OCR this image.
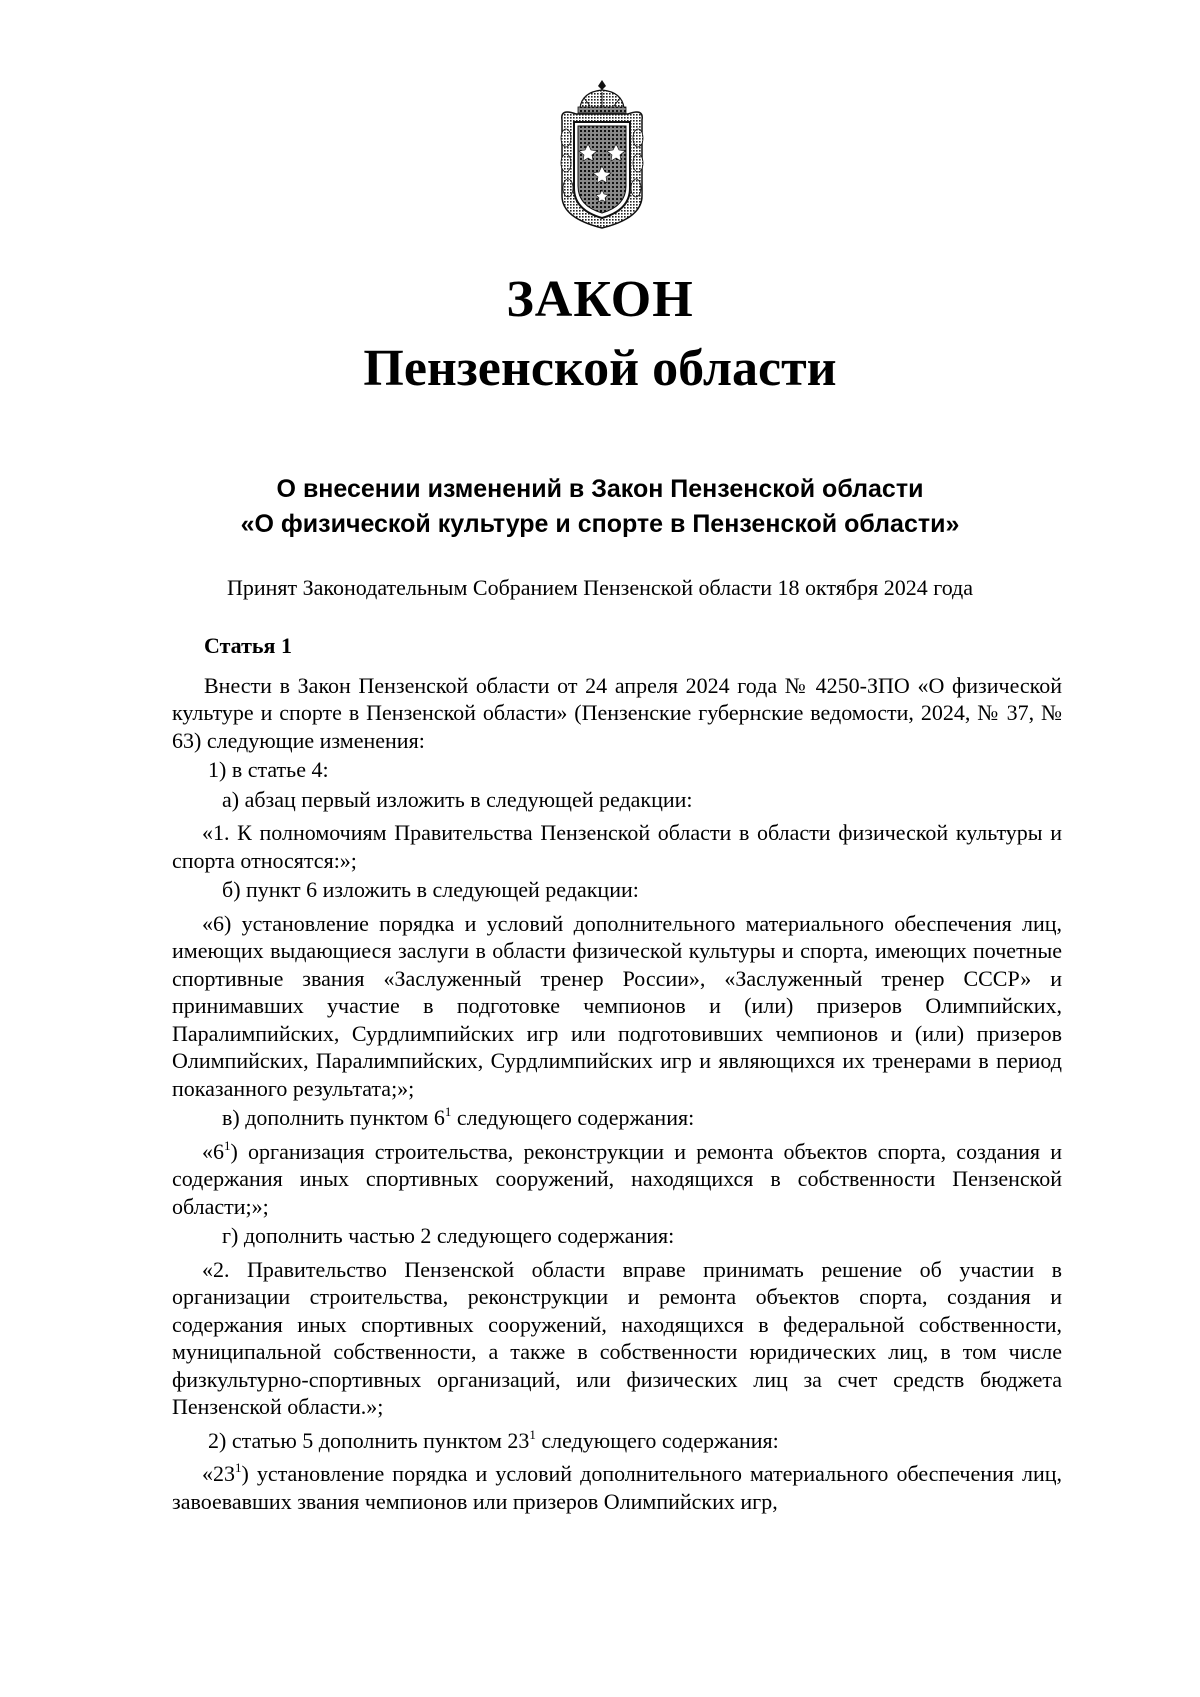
ЗАКОН
Пензенской области
О внесении изменений в Закон Пензенской области
«О физической культуре и спорте в Пензенской области»
Принят Законодательным Собранием Пензенской области 18 октября 2024 года
Статья 1

Внести в Закон Пензенской области от 24 апреля 2024 года № 4250-ЗПО «О физической культуре и спорте в Пензенской области» (Пензенские губернские ведомости, 2024, № 37, № 63) следующие изменения:

1) в статье 4:

а) абзац первый изложить в следующей редакции:

«1. К полномочиям Правительства Пензенской области в области физической культуры и спорта относятся:»;

б) пункт 6 изложить в следующей редакции:

«6) установление порядка и условий дополнительного материального обеспечения лиц, имеющих выдающиеся заслуги в области физической культуры и спорта, имеющих почетные спортивные звания «Заслуженный тренер России», «Заслуженный тренер СССР» и принимавших участие в подготовке чемпионов и (или) призеров Олимпийских, Паралимпийских, Сурдлимпийских игр или подготовивших чемпионов и (или) призеров Олимпийских, Паралимпийских, Сурдлимпийских игр и являющихся их тренерами в период показанного результата;»;

в) дополнить пунктом $6^1$ следующего содержания:

«$6^1$) организация строительства, реконструкции и ремонта объектов спорта, создания и содержания иных спортивных сооружений, находящихся в собственности Пензенской области;»;

г) дополнить частью 2 следующего содержания:

«2. Правительство Пензенской области вправе принимать решение об участии в организации строительства, реконструкции и ремонта объектов спорта, создания и содержания иных спортивных сооружений, находящихся в федеральной собственности, муниципальной собственности, а также в собственности юридических лиц, в том числе физкультурно-спортивных организаций, или физических лиц за счет средств бюджета Пензенской области.»;

2) статью 5 дополнить пунктом $23^1$ следующего содержания:

«$23^1$) установление порядка и условий дополнительного материального обеспечения лиц, завоевавших звания чемпионов или призеров Олимпийских игр,
